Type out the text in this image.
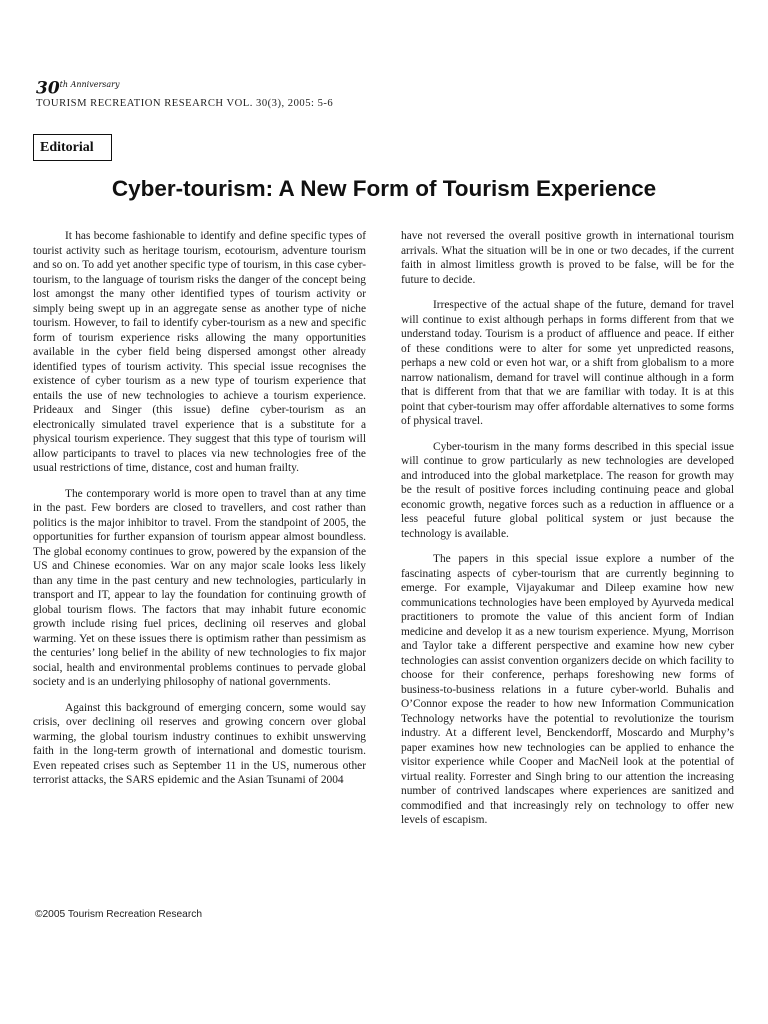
$30^{th Anniversary}$
TOURISM RECREATION RESEARCH VOL. 30(3), 2005: 5-6
Editorial
Cyber-tourism: A New Form of Tourism Experience

It has become fashionable to identify and define specific types of tourist activity such as heritage tourism, ecotourism, adventure tourism and so on. To add yet another specific type of tourism, in this case cyber-tourism, to the language of tourism risks the danger of the concept being lost amongst the many other identified types of tourism activity or simply being swept up in an aggregate sense as another type of niche tourism. However, to fail to identify cyber-tourism as a new and specific form of tourism experience risks allowing the many opportunities available in the cyber field being dispersed amongst other already identified types of tourism activity. This special issue recognises the existence of cyber tourism as a new type of tourism experience that entails the use of new technologies to achieve a tourism experience. Prideaux and Singer (this issue) define cyber-tourism as an electronically simulated travel experience that is a substitute for a physical tourism experience. They suggest that this type of tourism will allow participants to travel to places via new technologies free of the usual restrictions of time, distance, cost and human frailty.

The contemporary world is more open to travel than at any time in the past. Few borders are closed to travellers, and cost rather than politics is the major inhibitor to travel. From the standpoint of 2005, the opportunities for further expansion of tourism appear almost boundless. The global economy continues to grow, powered by the expansion of the US and Chinese economies. War on any major scale looks less likely than any time in the past century and new technologies, particularly in transport and IT, appear to lay the foundation for continuing growth of global tourism flows. The factors that may inhabit future economic growth include rising fuel prices, declining oil reserves and global warming. Yet on these issues there is optimism rather than pessimism as the centuries’ long belief in the ability of new technologies to fix major social, health and environmental problems continues to pervade global society and is an underlying philosophy of national governments.

Against this background of emerging concern, some would say crisis, over declining oil reserves and growing concern over global warming, the global tourism industry continues to exhibit unswerving faith in the long-term growth of international and domestic tourism. Even repeated crises such as September 11 in the US, numerous other terrorist attacks, the SARS epidemic and the Asian Tsunami of 2004

have not reversed the overall positive growth in international tourism arrivals. What the situation will be in one or two decades, if the current faith in almost limitless growth is proved to be false, will be for the future to decide.

Irrespective of the actual shape of the future, demand for travel will continue to exist although perhaps in forms different from that we understand today. Tourism is a product of affluence and peace. If either of these conditions were to alter for some yet unpredicted reasons, perhaps a new cold or even hot war, or a shift from globalism to a more narrow nationalism, demand for travel will continue although in a form that is different from that that we are familiar with today. It is at this point that cyber-tourism may offer affordable alternatives to some forms of physical travel.

Cyber-tourism in the many forms described in this special issue will continue to grow particularly as new technologies are developed and introduced into the global marketplace. The reason for growth may be the result of positive forces including continuing peace and global economic growth, negative forces such as a reduction in affluence or a less peaceful future global political system or just because the technology is available.

The papers in this special issue explore a number of the fascinating aspects of cyber-tourism that are currently beginning to emerge. For example, Vijayakumar and Dileep examine how new communications technologies have been employed by Ayurveda medical practitioners to promote the value of this ancient form of Indian medicine and develop it as a new tourism experience. Myung, Morrison and Taylor take a different perspective and examine how new cyber technologies can assist convention organizers decide on which facility to choose for their conference, perhaps foreshowing new forms of business-to-business relations in a future cyber-world. Buhalis and O’Connor expose the reader to how new Information Communication Technology networks have the potential to revolutionize the tourism industry. At a different level, Benckendorff, Moscardo and Murphy’s paper examines how new technologies can be applied to enhance the visitor experience while Cooper and MacNeil look at the potential of virtual reality. Forrester and Singh bring to our attention the increasing number of contrived landscapes where experiences are sanitized and commodified and that increasingly rely on technology to offer new levels of escapism.

©2005 Tourism Recreation Research
